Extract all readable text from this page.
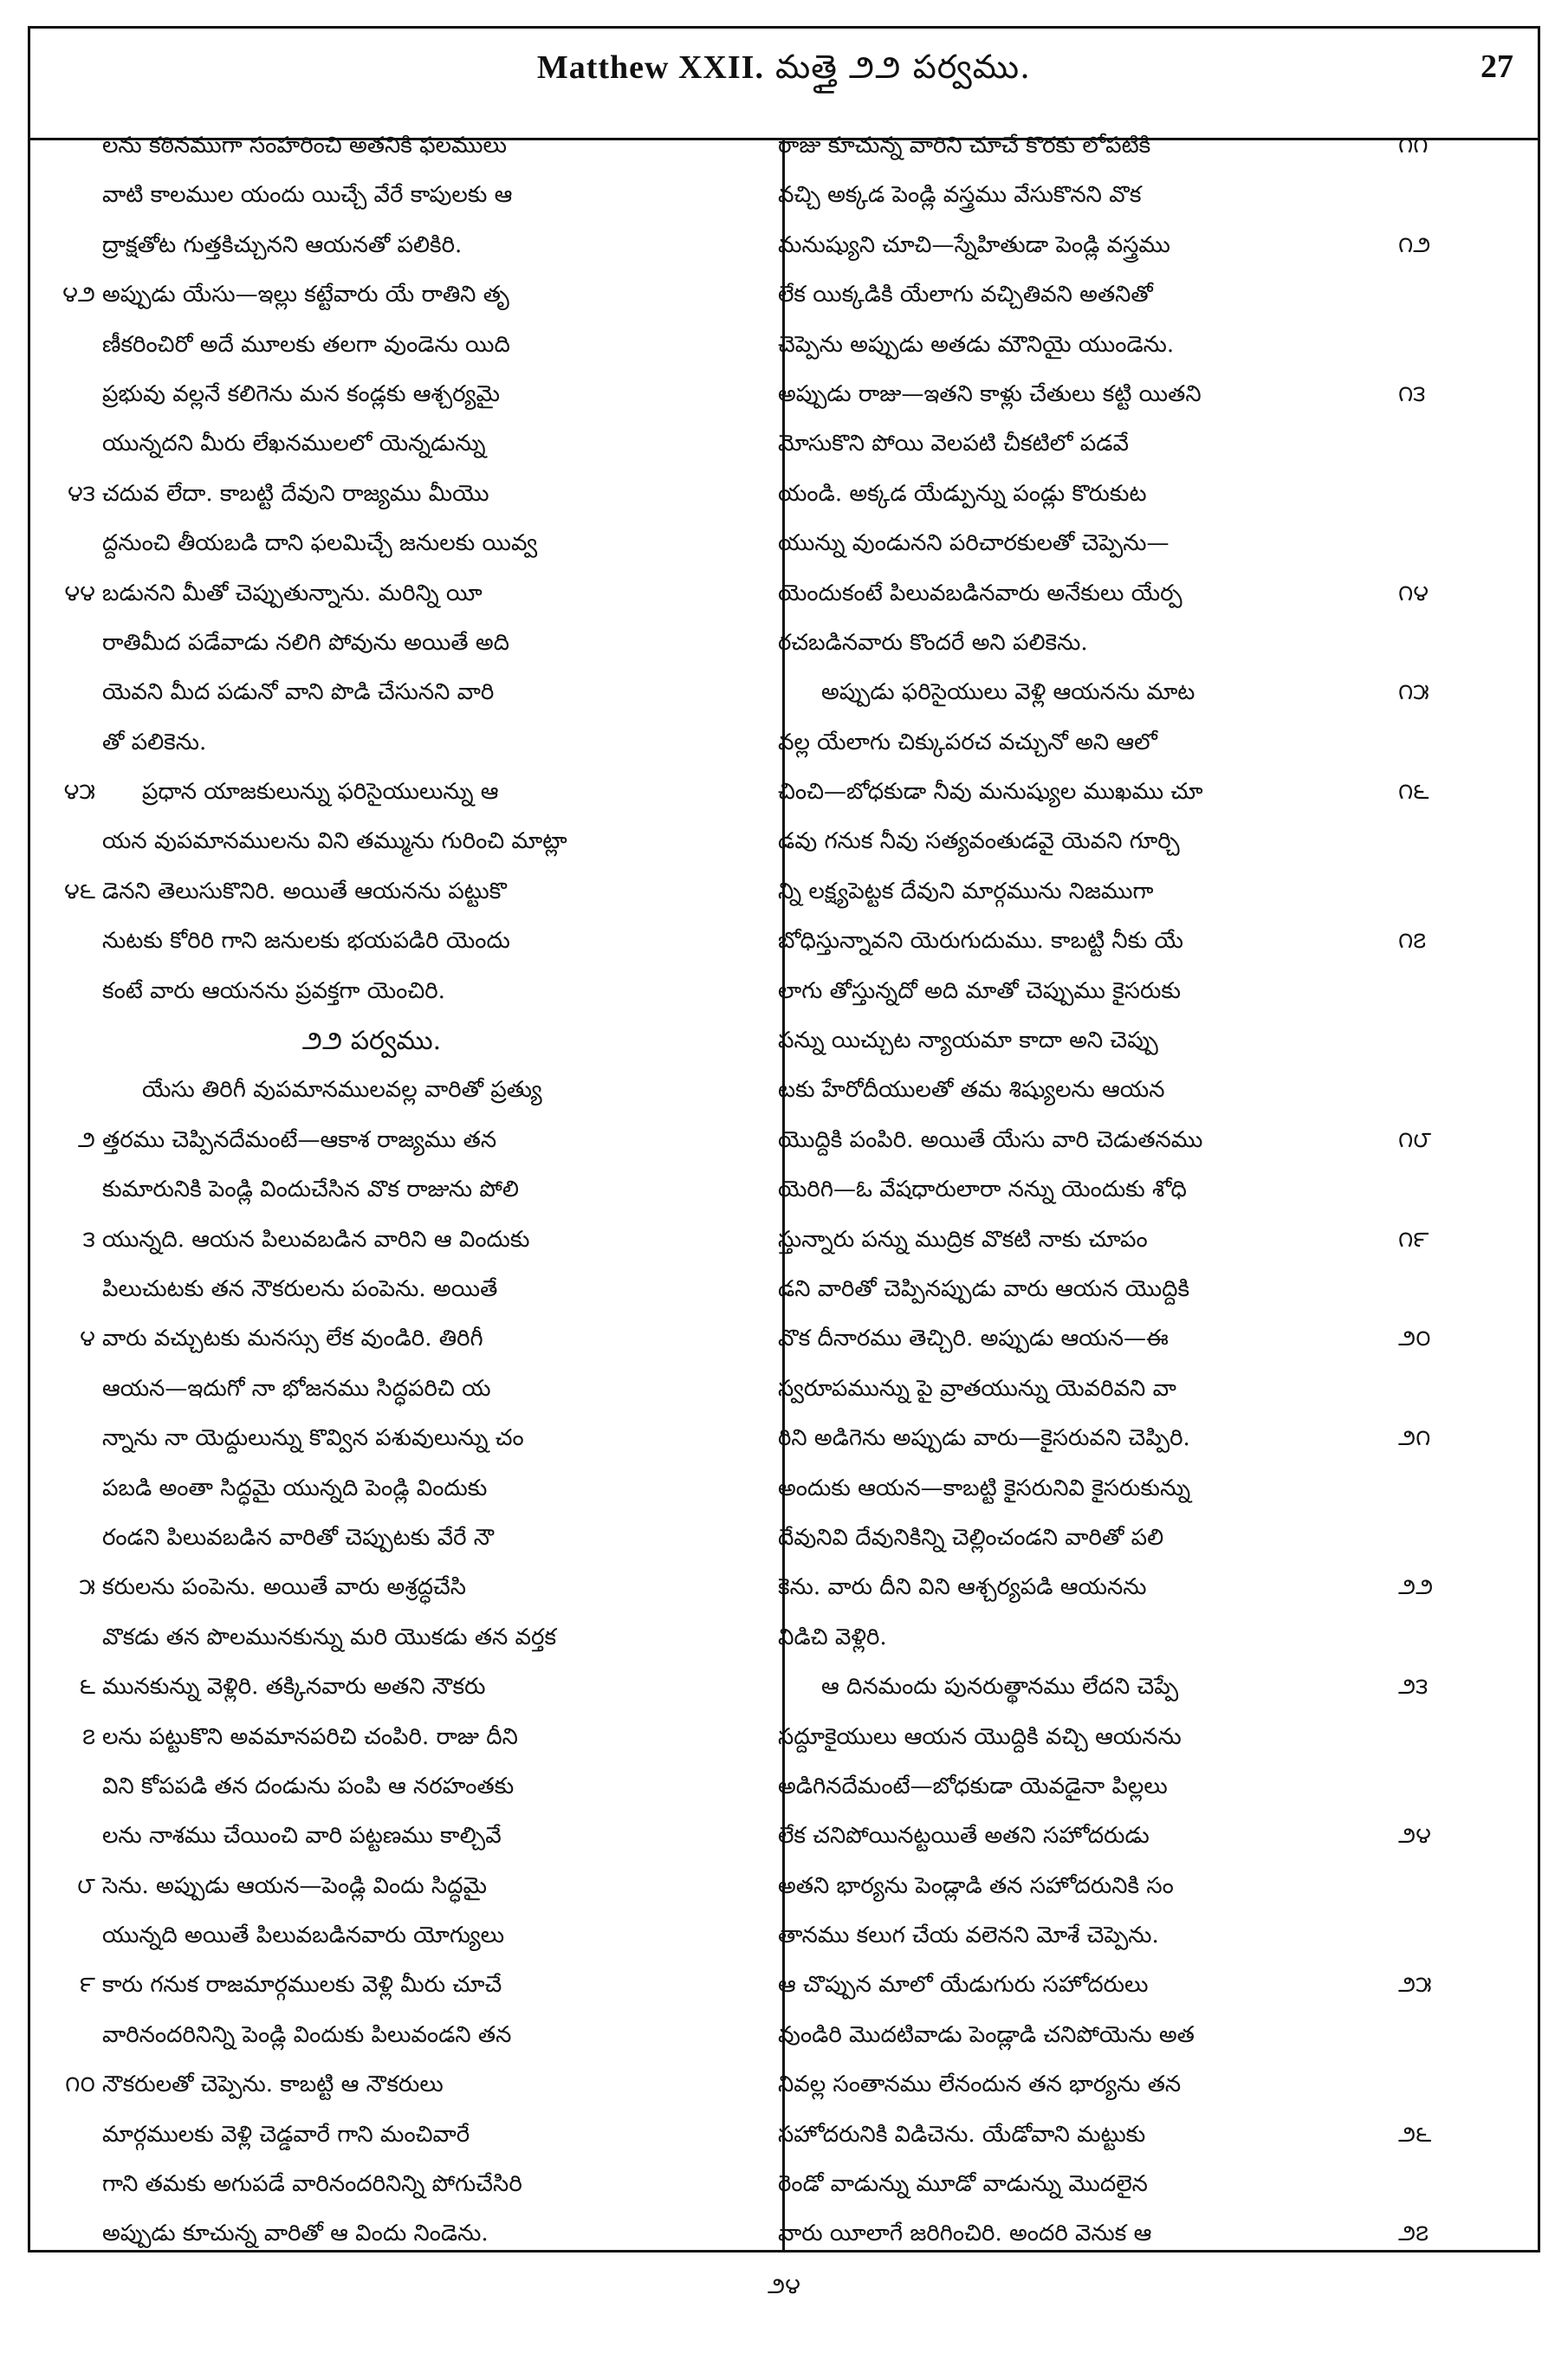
Matthew XXII. మత్తై ౨౨ పర్వము.	27
లను కఠినముగా సంహరించి అతనికి ఫలములు
వాటి కాలముల యందు యిచ్చే వేరే కాపులకు ఆ
ద్రాక్షతోట గుత్తకిచ్చునని ఆయనతో పలికిరి.
౪౨ అప్పుడు యేసు—ఇల్లు కట్టేవారు యే రాతిని తృ
ణీకరించిరో అదే మూలకు తలగా వుండెను యిది
ప్రభువు వల్లనే కలిగెను మన కండ్లకు ఆశ్చర్యమై
యున్నదని మీరు లేఖనములలో యెన్నడున్ను
౪౩ చదువ లేదా. కాబట్టి దేవుని రాజ్యము మీయొ
ద్దనుంచి తీయబడి దాని ఫలమిచ్చే జనులకు యివ్వ
౪౪ బడునని మీతో చెప్పుతున్నాను. మరిన్ని యీ
రాతిమీద పడేవాడు నలిగి పోవును అయితే అది
యెవని మీద పడునో వాని పొడి చేసునని వారి
తో పలికెను.
౪౫ ప్రధాన యాజకులున్ను ఫరిసైయులున్ను ఆ
యన వుపమానములను విని తమ్మును గురించి మాట్లా
౪౬ డెనని తెలుసుకొనిరి. అయితే ఆయనను పట్టుకొ
నుటకు కోరిరి గాని జనులకు భయపడిరి యెందు
కంటే వారు ఆయనను ప్రవక్తగా యెంచిరి.
౨౨ పర్వము.
యేసు తిరిగీ వుపమానములవల్ల వారితో ప్రత్యు
౨ త్తరము చెప్పినదేమంటే—ఆకాశ రాజ్యము తన
కుమారునికి పెండ్లి విందుచేసిన వొక రాజును పోలి
౩ యున్నది. ఆయన పిలువబడిన వారిని ఆ విందుకు
పిలుచుటకు తన నౌకరులను పంపెను. అయితే
౪ వారు వచ్చుటకు మనస్సు లేక వుండిరి. తిరిగీ
ఆయన—ఇదుగో నా భోజనము సిద్ధపరిచి య
న్నాను నా యెద్దులున్ను కొవ్విన పశువులున్ను చం
పబడి అంతా సిద్ధమై యున్నది పెండ్లి విందుకు
రండని పిలువబడిన వారితో చెప్పుటకు వేరే నౌ
౫ కరులను పంపెను. అయితే వారు అశ్రద్ధచేసి
వొకడు తన పొలమునకున్ను మరి యొకడు తన వర్తక
౬ మునకున్ను వెళ్లిరి. తక్కినవారు అతని నౌకరు
౭ లను పట్టుకొని అవమానపరిచి చంపిరి. రాజు దీని
విని కోపపడి తన దండును పంపి ఆ నరహంతకు
లను నాశము చేయించి వారి పట్టణము కాల్చివే
౮ సెను. అప్పుడు ఆయన—పెండ్లి విందు సిద్ధమై
యున్నది అయితే పిలువబడినవారు యోగ్యులు
౯ కారు గనుక రాజమార్గములకు వెళ్లి మీరు చూచే
వారినందరినిన్ని పెండ్లి విందుకు పిలువండని తన
౧౦ నౌకరులతో చెప్పెను. కాబట్టి ఆ నౌకరులు
మార్గములకు వెళ్లి చెడ్డవారే గాని మంచివారే
గాని తమకు అగుపడే వారినందరినిన్ని పోగుచేసిరి
అప్పుడు కూచున్న వారితో ఆ విందు నిండెను.
౧౧
రాజు కూచున్న వారిని చూచే కొరకు లోపటికి
వచ్చి అక్కడ పెండ్లి వస్త్రము వేసుకొనని వొక
౧౨
మనుష్యుని చూచి—స్నేహితుడా పెండ్లి వస్త్రము
లేక యిక్కడికి యేలాగు వచ్చితివని అతనితో
చెప్పెను అప్పుడు అతడు మౌనియై యుండెను.
౧౩
అప్పుడు రాజు—ఇతని కాళ్లు చేతులు కట్టి యితని
మోసుకొని పోయి వెలపటి చీకటిలో పడవే
యండి. అక్కడ యేడ్పున్ను పండ్లు కొరుకుట
యున్ను వుండునని పరిచారకులతో చెప్పెను—
౧౪
యెందుకంటే పిలువబడినవారు అనేకులు యేర్ప
రచబడినవారు కొందరే అని పలికెను.
౧౫
అప్పుడు ఫరిసైయులు వెళ్లి ఆయనను మాట
వల్ల యేలాగు చిక్కుపరచ వచ్చునో అని ఆలో
౧౬
చించి—బోధకుడా నీవు మనుష్యుల ముఖము చూ
డవు గనుక నీవు సత్యవంతుడవై యెవని గూర్చి
న్ని లక్ష్యపెట్టక దేవుని మార్గమును నిజముగా
౧౭
బోధిస్తున్నావని యెరుగుదుము. కాబట్టి నీకు యే
లాగు తోస్తున్నదో అది మాతో చెప్పుము కైసరుకు
పన్ను యిచ్చుట న్యాయమా కాదా అని చెప్పు
టకు హేరోదీయులతో తమ శిష్యులను ఆయన
౧౮
యొద్దికి పంపిరి. అయితే యేసు వారి చెడుతనము
యెరిగి—ఓ వేషధారులారా నన్ను యెందుకు శోధి
౧౯
స్తున్నారు పన్ను ముద్రిక వొకటి నాకు చూపం
డని వారితో చెప్పినప్పుడు వారు ఆయన యొద్దికి
౨౦
వొక దీనారము తెచ్చిరి. అప్పుడు ఆయన—ఈ
స్వరూపమున్ను పై వ్రాతయున్ను యెవరివని వా
౨౧
రిని అడిగెను అప్పుడు వారు—కైసరువని చెప్పిరి.
అందుకు ఆయన—కాబట్టి కైసరునివి కైసరుకున్ను
దేవునివి దేవునికిన్ని చెల్లించండని వారితో పలి
౨౨
కెను. వారు దీని విని ఆశ్చర్యపడి ఆయనను
విడిచి వెళ్లిరి.
౨౩
ఆ దినమందు పునరుత్థానము లేదని చెప్పే
సద్దూకైయులు ఆయన యొద్దికి వచ్చి ఆయనను
అడిగినదేమంటే—బోధకుడా యెవడైనా పిల్లలు
౨౪
లేక చనిపోయినట్టయితే అతని సహోదరుడు
అతని భార్యను పెండ్లాడి తన సహోదరునికి సం
తానము కలుగ చేయ వలెనని మోశే చెప్పెను.
౨౫
ఆ చొప్పున మాలో యేడుగురు సహోదరులు
వుండిరి మొదటివాడు పెండ్లాడి చనిపోయెను అత
నివల్ల సంతానము లేనందున తన భార్యను తన
౨౬
సహోదరునికి విడిచెను. యేడోవాని మట్టుకు
రెండో వాడున్ను మూడో వాడున్ను మొదలైన
౨౭
వారు యీలాగే జరిగించిరి. అందరి వెనుక ఆ
౨౪
